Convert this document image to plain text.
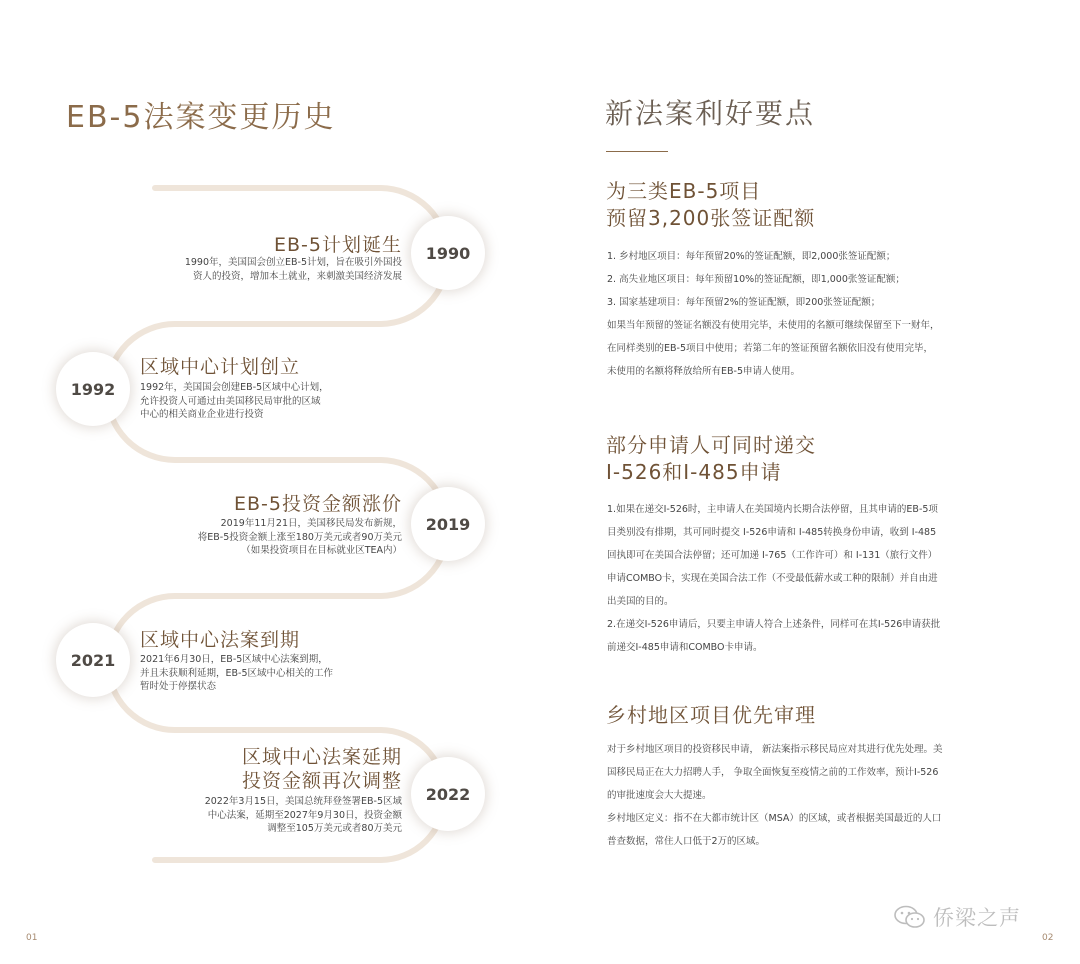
EB-5法案变更历史
1990
EB-5计划诞生
1990年，美国国会创立EB-5计划，旨在吸引外国投
资人的投资，增加本土就业，来刺激美国经济发展
1992
区域中心计划创立
1992年，美国国会创建EB-5区域中心计划，
允许投资人可通过由美国移民局审批的区域
中心的相关商业企业进行投资
2019
EB-5投资金额涨价
2019年11月21日，美国移民局发布新规，
将EB-5投资金额上涨至180万美元或者90万美元
（如果投资项目在目标就业区TEA内）
2021
区域中心法案到期
2021年6月30日，EB-5区域中心法案到期，
并且未获顺利延期，EB-5区域中心相关的工作
暂时处于停摆状态
2022
区域中心法案延期
投资金额再次调整
2022年3月15日，美国总统拜登签署EB-5区域
中心法案，延期至2027年9月30日，投资金额
调整至105万美元或者80万美元
01
新法案利好要点
为三类EB-5项目
预留3,200张签证配额
1. 乡村地区项目：每年预留20%的签证配额，即2,000张签证配额；
2. 高失业地区项目：每年预留10%的签证配额，即1,000张签证配额；
3. 国家基建项目：每年预留2%的签证配额，即200张签证配额；
如果当年预留的签证名额没有使用完毕，未使用的名额可继续保留至下一财年，
在同样类别的EB-5项目中使用；若第二年的签证预留名额依旧没有使用完毕，
未使用的名额将释放给所有EB-5申请人使用。
部分申请人可同时递交
I-526和I-485申请
1.如果在递交I-526时，主申请人在美国境内长期合法停留，且其申请的EB-5项
目类别没有排期，其可同时提交 I-526申请和 I-485转换身份申请，收到 I-485
回执即可在美国合法停留；还可加递 I-765（工作许可）和 I-131（旅行文件）
申请COMBO卡，实现在美国合法工作（不受最低薪水或工种的限制）并自由进
出美国的目的。
2.在递交I-526申请后，只要主申请人符合上述条件，同样可在其I-526申请获批
前递交I-485申请和COMBO卡申请。
乡村地区项目优先审理
对于乡村地区项目的投资移民申请， 新法案指示移民局应对其进行优先处理。美
国移民局正在大力招聘人手， 争取全面恢复至疫情之前的工作效率，预计I-526
的审批速度会大大提速。
乡村地区定义：指不在大都市统计区（MSA）的区域，或者根据美国最近的人口
普查数据，常住人口低于2万的区域。
02
侨梁之声
